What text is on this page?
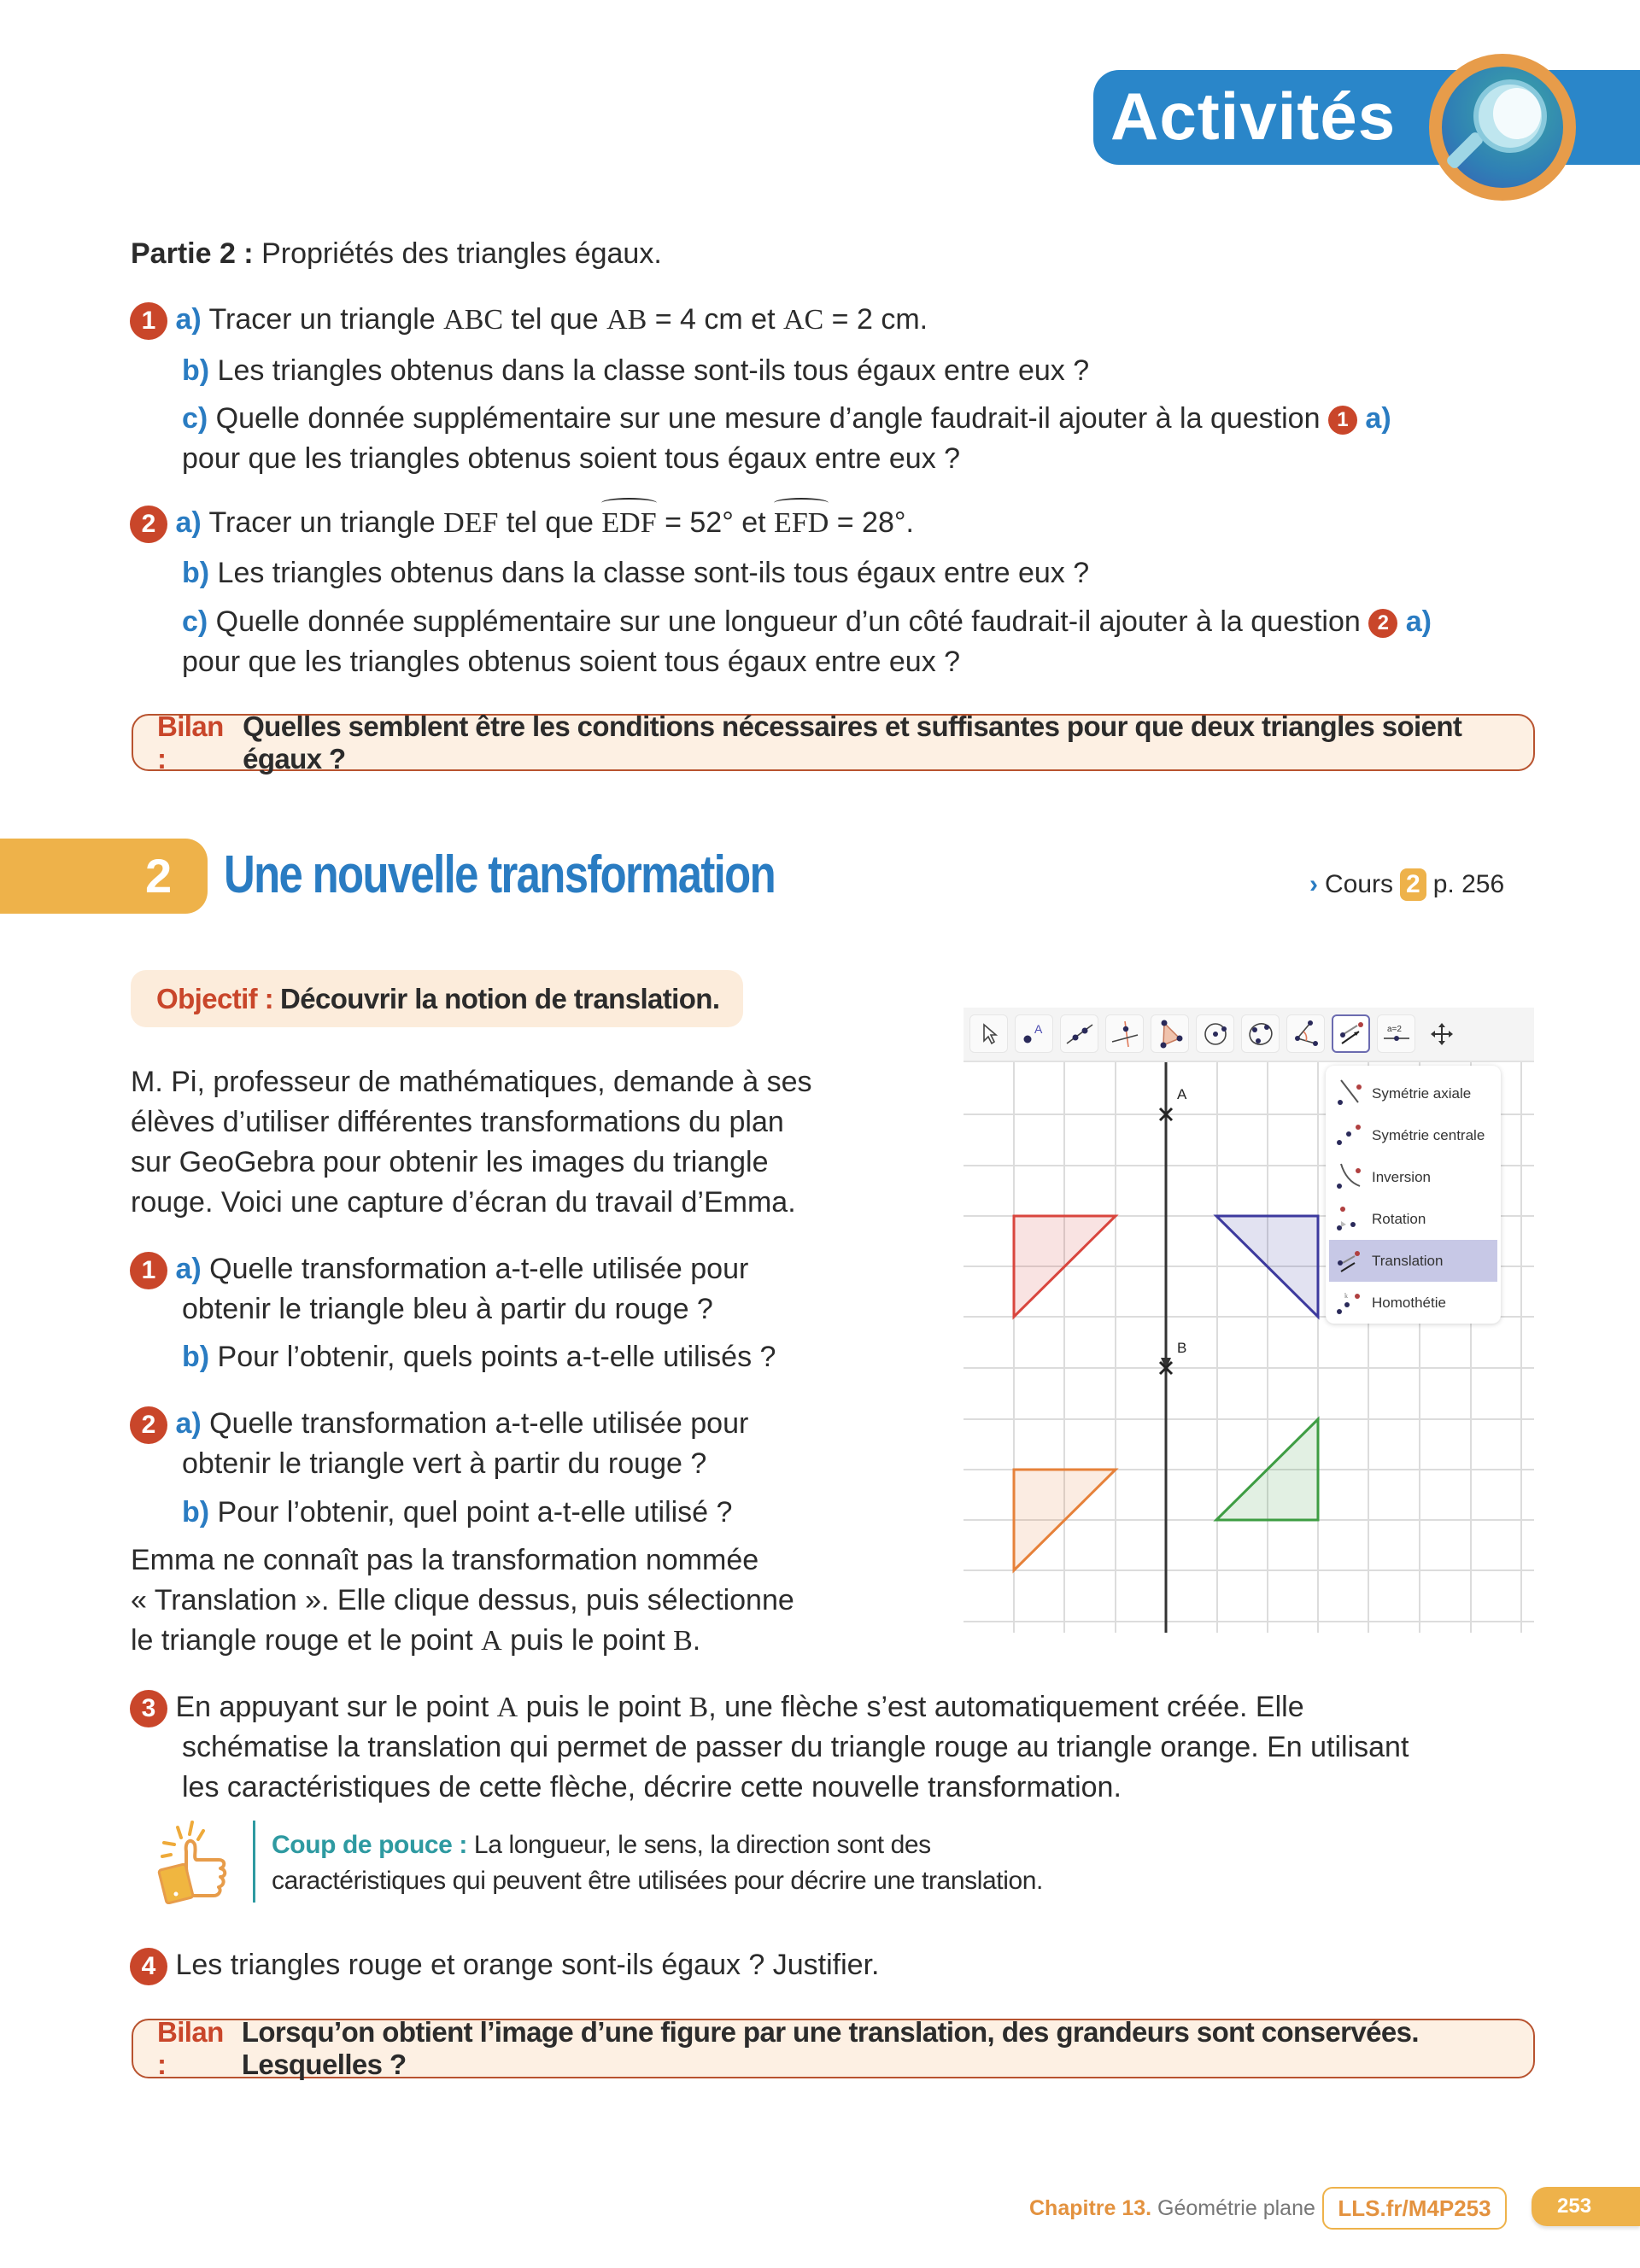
Activités
Partie 2 : Propriétés des triangles égaux.
1 a) Tracer un triangle ABC tel que AB = 4 cm et AC = 2 cm.
b) Les triangles obtenus dans la classe sont-ils tous égaux entre eux ?
c) Quelle donnée supplémentaire sur une mesure d’angle faudrait-il ajouter à la question 1 a)
pour que les triangles obtenus soient tous égaux entre eux ?
2 a) Tracer un triangle DEF tel que EDF = 52° et EFD = 28°.
b) Les triangles obtenus dans la classe sont-ils tous égaux entre eux ?
c) Quelle donnée supplémentaire sur une longueur d’un côté faudrait-il ajouter à la question 2 a)
pour que les triangles obtenus soient tous égaux entre eux ?
Bilan :
Quelles semblent être les conditions nécessaires et suffisantes pour que deux triangles soient égaux ?
2 Une nouvelle transformation	› Cours 2 p. 256
Objectif : Découvrir la notion de translation.
M. Pi, professeur de mathématiques, demande à ses
élèves d’utiliser différentes transformations du plan
sur GeoGebra pour obtenir les images du triangle
rouge. Voici une capture d’écran du travail d’Emma.
1 a) Quelle transformation a-t-elle utilisée pour
obtenir le triangle bleu à partir du rouge ?
b) Pour l’obtenir, quels points a-t-elle utilisés ?
2 a) Quelle transformation a-t-elle utilisée pour
obtenir le triangle vert à partir du rouge ?
b) Pour l’obtenir, quel point a-t-elle utilisé ?
Emma ne connaît pas la transformation nommée
« Translation ». Elle clique dessus, puis sélectionne
le triangle rouge et le point A puis le point B.
A
B
A	a=2
Symétrie axiale
Symétrie centrale
Inversion
Rotation
Translation
k Homothétie
3 En appuyant sur le point A puis le point B, une flèche s’est automatiquement créée. Elle
schématise la translation qui permet de passer du triangle rouge au triangle orange. En utilisant
les caractéristiques de cette flèche, décrire cette nouvelle transformation.
Coup de pouce : La longueur, le sens, la direction sont des
caractéristiques qui peuvent être utilisées pour décrire une translation.
4 Les triangles rouge et orange sont-ils égaux ? Justifier.
Bilan :
Lorsqu’on obtient l’image d’une figure par une translation, des grandeurs sont conservées. Lesquelles ?
Chapitre 13. Géométrie plane	LLS.fr/M4P253	253
